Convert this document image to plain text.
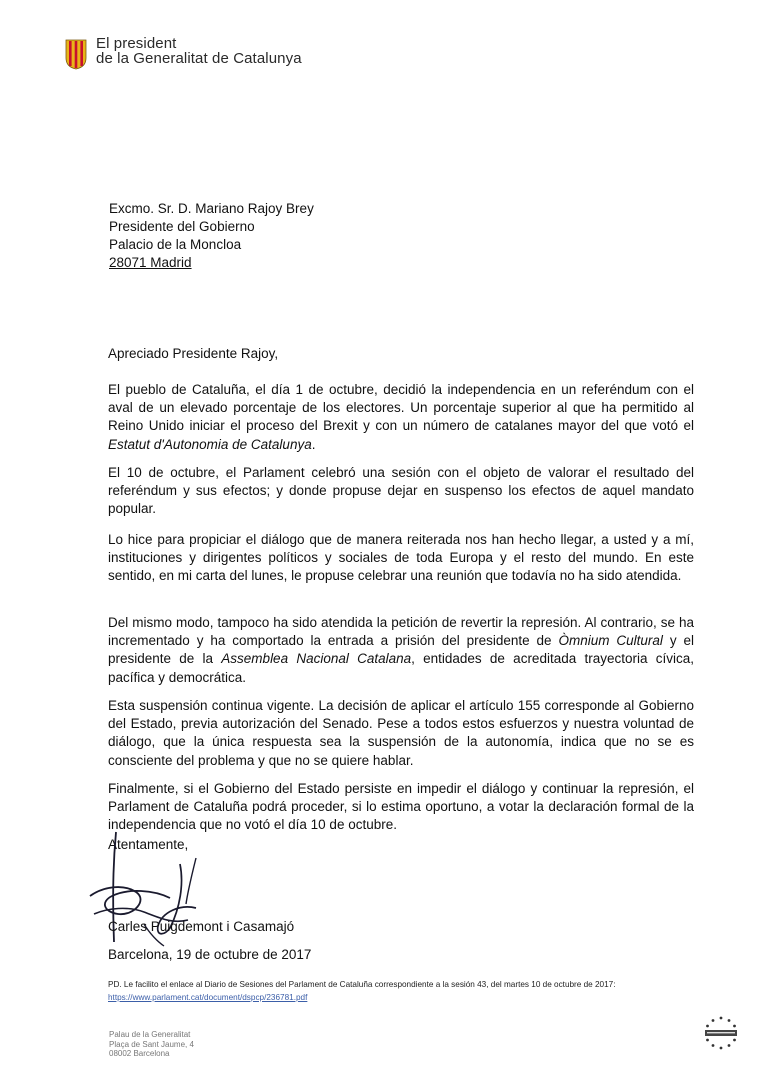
El president
de la Generalitat de Catalunya
Excmo. Sr. D. Mariano Rajoy Brey
Presidente del Gobierno
Palacio de la Moncloa
28071 Madrid
Apreciado Presidente Rajoy,
El pueblo de Cataluña, el día 1 de octubre, decidió la independencia en un referéndum con el aval de un elevado porcentaje de los electores. Un porcentaje superior al que ha permitido al Reino Unido iniciar el proceso del Brexit y con un número de catalanes mayor del que votó el Estatut d'Autonomia de Catalunya.
El 10 de octubre, el Parlament celebró una sesión con el objeto de valorar el resultado del referéndum y sus efectos; y donde propuse dejar en suspenso los efectos de aquel mandato popular.
Lo hice para propiciar el diálogo que de manera reiterada nos han hecho llegar, a usted y a mí, instituciones y dirigentes políticos y sociales de toda Europa y el resto del mundo. En este sentido, en mi carta del lunes, le propuse celebrar una reunión que todavía no ha sido atendida.
Del mismo modo, tampoco ha sido atendida la petición de revertir la represión. Al contrario, se ha incrementado y ha comportado la entrada a prisión del presidente de Òmnium Cultural y el presidente de la Assemblea Nacional Catalana, entidades de acreditada trayectoria cívica, pacífica y democrática.
Esta suspensión continua vigente. La decisión de aplicar el artículo 155 corresponde al Gobierno del Estado, previa autorización del Senado. Pese a todos estos esfuerzos y nuestra voluntad de diálogo, que la única respuesta sea la suspensión de la autonomía, indica que no se es consciente del problema y que no se quiere hablar.
Finalmente, si el Gobierno del Estado persiste en impedir el diálogo y continuar la represión, el Parlament de Cataluña podrá proceder, si lo estima oportuno, a votar la declaración formal de la independencia que no votó el día 10 de octubre.
Atentamente,
Carles Puigdemont i Casamajó
Barcelona, 19 de octubre de 2017
PD. Le facilito el enlace al Diario de Sesiones del Parlament de Cataluña correspondiente a la sesión 43, del martes 10 de octubre de 2017: https://www.parlament.cat/document/dspcp/236781.pdf
Palau de la Generalitat
Plaça de Sant Jaume, 4
08002 Barcelona
